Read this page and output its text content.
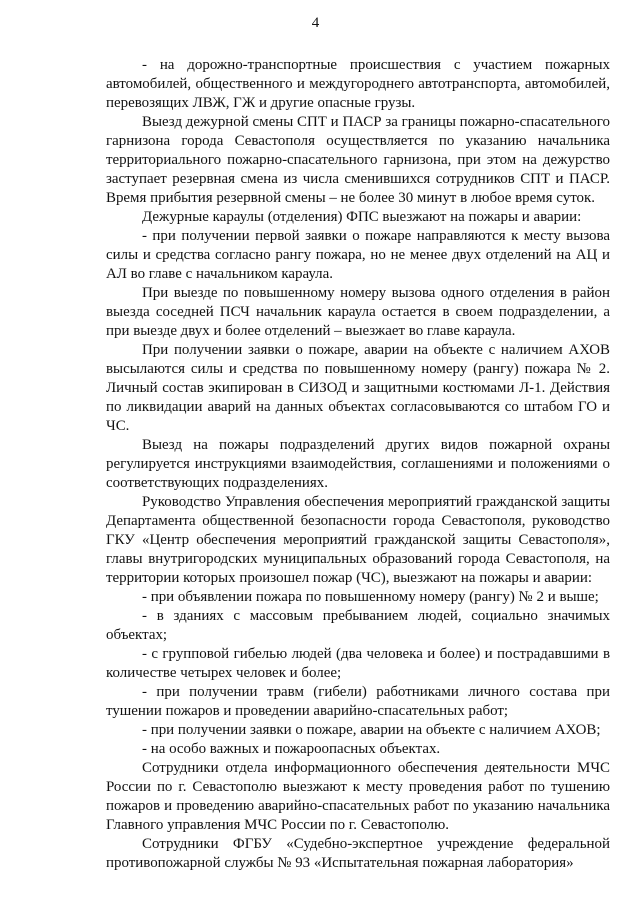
4

- на дорожно-транспортные происшествия с участием пожарных автомобилей, общественного и междугороднего автотранспорта, автомобилей, перевозящих ЛВЖ, ГЖ и другие опасные грузы.

Выезд дежурной смены СПТ и ПАСР за границы пожарно-спасательного гарнизона города Севастополя осуществляется по указанию начальника территориального пожарно-спасательного гарнизона, при этом на дежурство заступает резервная смена из числа сменившихся сотрудников СПТ и ПАСР. Время прибытия резервной смены – не более 30 минут в любое время суток.

Дежурные караулы (отделения) ФПС выезжают на пожары и аварии:

- при получении первой заявки о пожаре направляются к месту вызова силы и средства согласно рангу пожара, но не менее двух отделений на АЦ и АЛ во главе с начальником караула.

При выезде по повышенному номеру вызова одного отделения в район выезда соседней ПСЧ начальник караула остается в своем подразделении, а при выезде двух и более отделений – выезжает во главе караула.

При получении заявки о пожаре, аварии на объекте с наличием АХОВ высылаются силы и средства по повышенному номеру (рангу) пожара № 2. Личный состав экипирован в СИЗОД и защитными костюмами Л-1. Действия по ликвидации аварий на данных объектах согласовываются со штабом ГО и ЧС.

Выезд на пожары подразделений других видов пожарной охраны регулируется инструкциями взаимодействия, соглашениями и положениями о соответствующих подразделениях.

Руководство Управления обеспечения мероприятий гражданской защиты Департамента общественной безопасности города Севастополя, руководство ГКУ «Центр обеспечения мероприятий гражданской защиты Севастополя», главы внутригородских муниципальных образований города Севастополя, на территории которых произошел пожар (ЧС), выезжают на пожары и аварии:

- при объявлении пожара по повышенному номеру (рангу) № 2 и выше;

- в зданиях с массовым пребыванием людей, социально значимых объектах;

- с групповой гибелью людей (два человека и более) и пострадавшими в количестве четырех человек и более;

- при получении травм (гибели) работниками личного состава при тушении пожаров и проведении аварийно-спасательных работ;

- при получении заявки о пожаре, аварии на объекте с наличием АХОВ;

- на особо важных и пожароопасных объектах.

Сотрудники отдела информационного обеспечения деятельности МЧС России по г. Севастополю выезжают к месту проведения работ по тушению пожаров и проведению аварийно-спасательных работ по указанию начальника Главного управления МЧС России по г. Севастополю.

Сотрудники ФГБУ «Судебно-экспертное учреждение федеральной противопожарной службы № 93 «Испытательная пожарная лаборатория»
